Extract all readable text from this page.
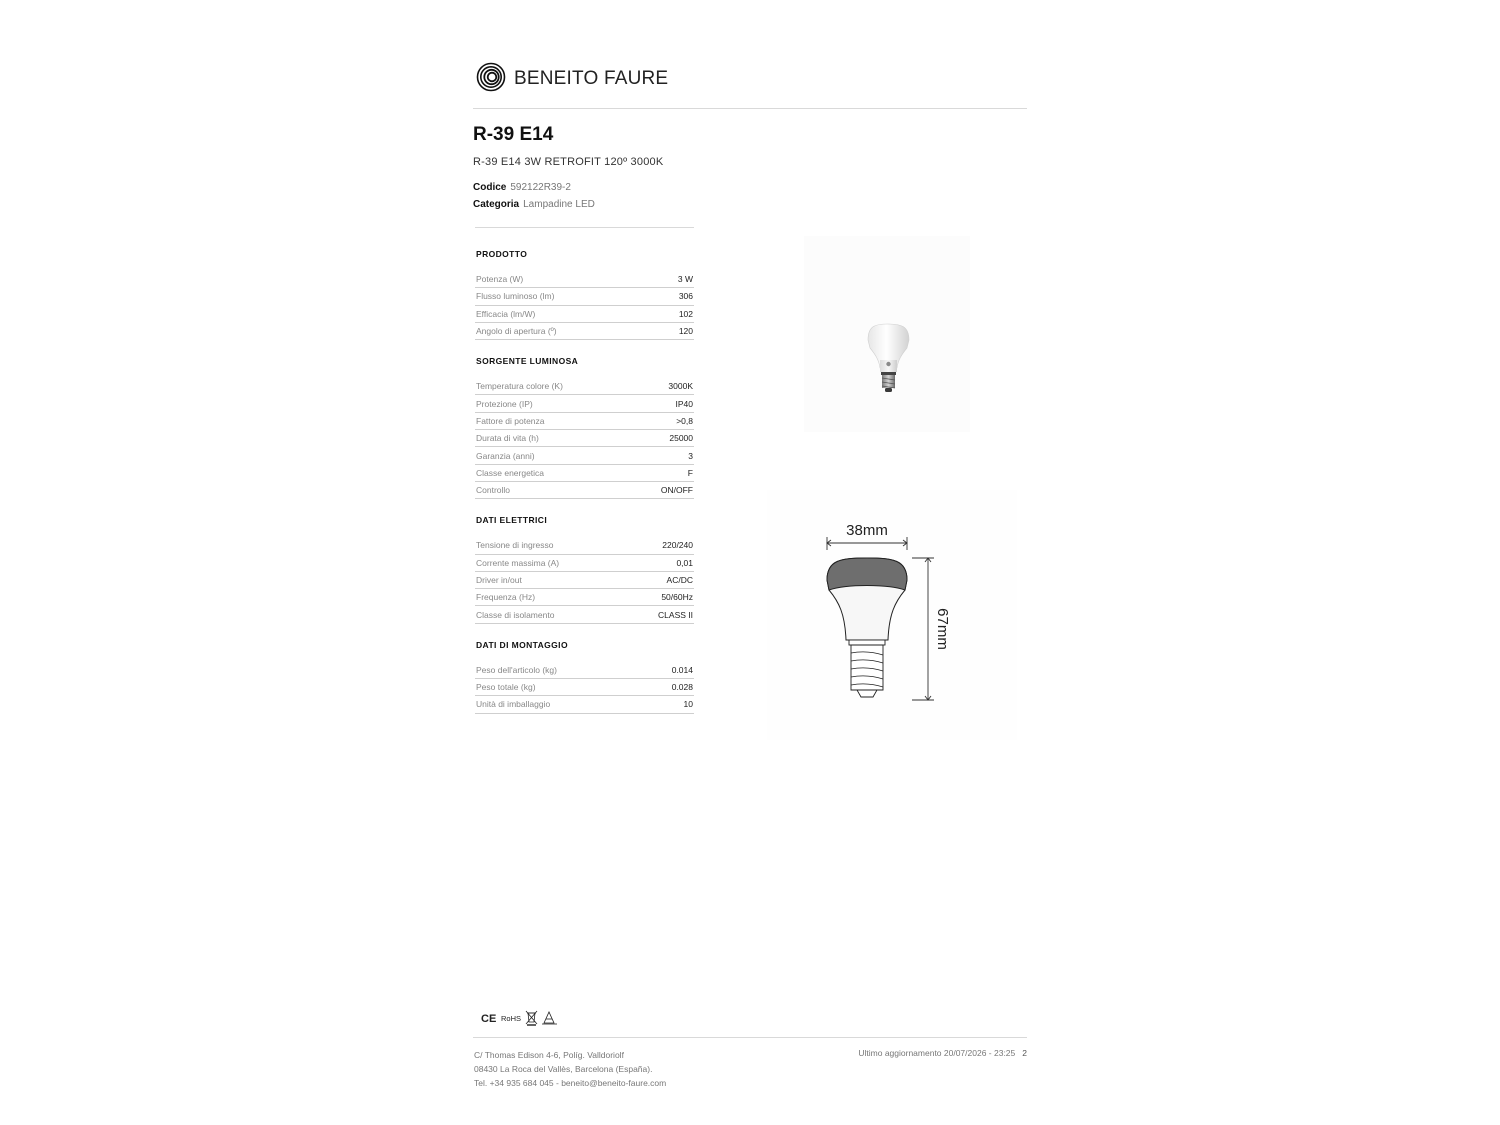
BENEITO FAURE
R-39 E14
R-39 E14 3W RETROFIT 120º 3000K
Codice 592122R39-2
Categoria Lampadine LED
PRODOTTO
Potenza (W)	3 W
Flusso luminoso (lm)	306
Efficacia (lm/W)	102
Angolo di apertura (º)	120
SORGENTE LUMINOSA
Temperatura colore (K)	3000K
Protezione (IP)	IP40
Fattore di potenza	>0,8
Durata di vita (h)	25000
Garanzia (anni)	3
Classe energetica	F
Controllo	ON/OFF
DATI ELETTRICI
Tensione di ingresso	220/240
Corrente massima (A)	0,01
Driver in/out	AC/DC
Frequenza (Hz)	50/60Hz
Classe di isolamento	CLASS II
DATI DI MONTAGGIO
Peso dell'articolo (kg)	0.014
Peso totale (kg)	0.028
Unità di imballaggio	10
38mm
67mm
CE RoHS
C/ Thomas Edison 4-6, Políg. Valldoriolf
08430 La Roca del Vallès, Barcelona (España).
Tel. +34 935 684 045 - beneito@beneito-faure.com
Ultimo aggiornamento 20/07/2026 - 23:25 2
